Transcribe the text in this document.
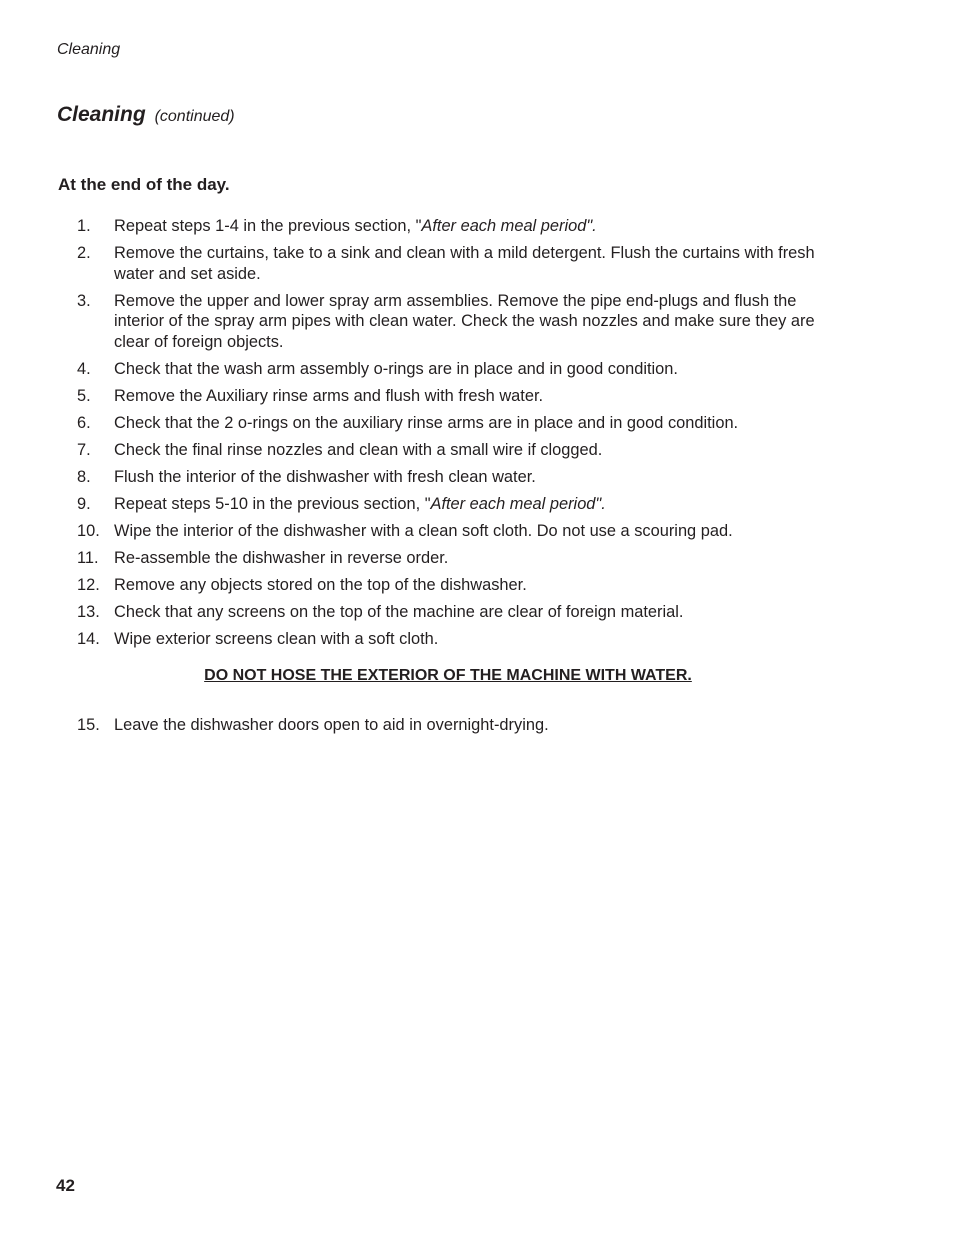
Cleaning
Cleaning (continued)
At the end of the day.
1. Repeat steps 1-4 in the previous section, "After each meal period".
2. Remove the curtains, take to a sink and clean with a mild detergent. Flush the curtains with fresh water and set aside.
3. Remove the upper and lower spray arm assemblies. Remove the pipe end-plugs and flush the interior of the spray arm pipes with clean water. Check the wash nozzles and make sure they are clear of foreign objects.
4. Check that the wash arm assembly o-rings are in place and in good condition.
5. Remove the Auxiliary rinse arms and flush with fresh water.
6. Check that the 2 o-rings on the auxiliary rinse arms are in place and in good condition.
7. Check the final rinse nozzles and clean with a small wire if clogged.
8. Flush the interior of the dishwasher with fresh clean water.
9. Repeat steps 5-10 in the previous section, "After each meal period".
10. Wipe the interior of the dishwasher with a clean soft cloth. Do not use a scouring pad.
11. Re-assemble the dishwasher in reverse order.
12. Remove any objects stored on the top of the dishwasher.
13. Check that any screens on the top of the machine are clear of foreign material.
14. Wipe exterior screens clean with a soft cloth.
DO NOT HOSE THE EXTERIOR OF THE MACHINE WITH WATER.
15. Leave the dishwasher doors open to aid in overnight-drying.
42
